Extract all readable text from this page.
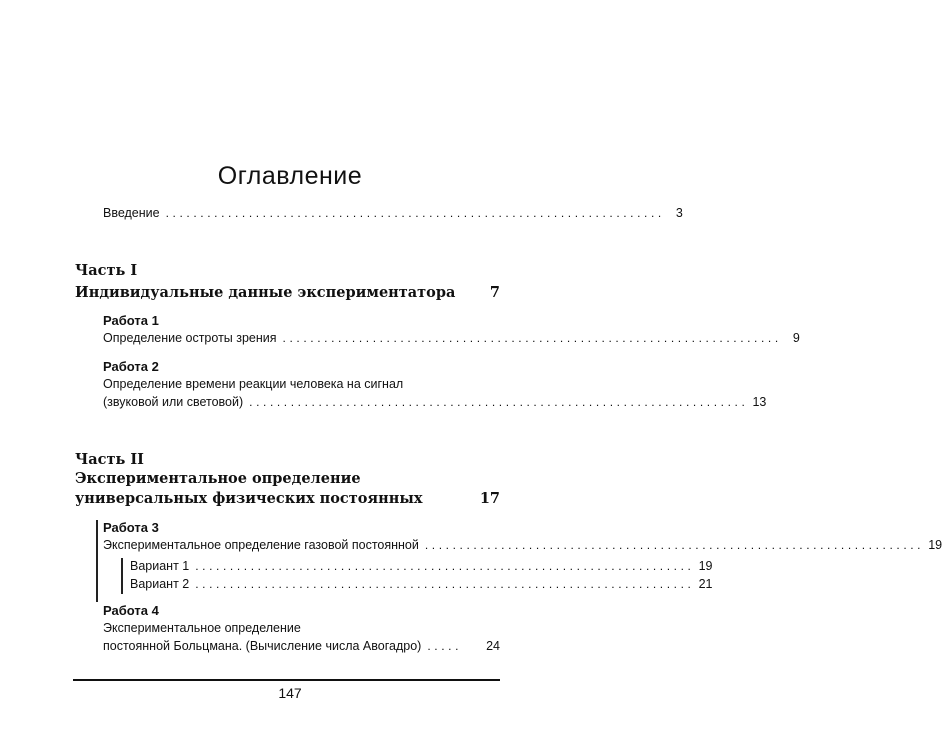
Оглавление
Введение ........................................................................ 3
Часть I
Индивидуальные данные экспериментатора 7
Работа 1
Определение остроты зрения ........................................................................ 9
Работа 2
Определение времени реакции человека на сигнал
(звуковой или световой) ........................................................................ 13
Часть II
Экспериментальное определение
универсальных физических постоянных	17
Работа 3
Экспериментальное определение газовой постоянной ........................................................................ 19
Вариант 1 ........................................................................ 19
Вариант 2 ........................................................................ 21
Работа 4
Экспериментальное определение
постоянной Больцмана. (Вычисление числа Авогадро) .....	24
147
